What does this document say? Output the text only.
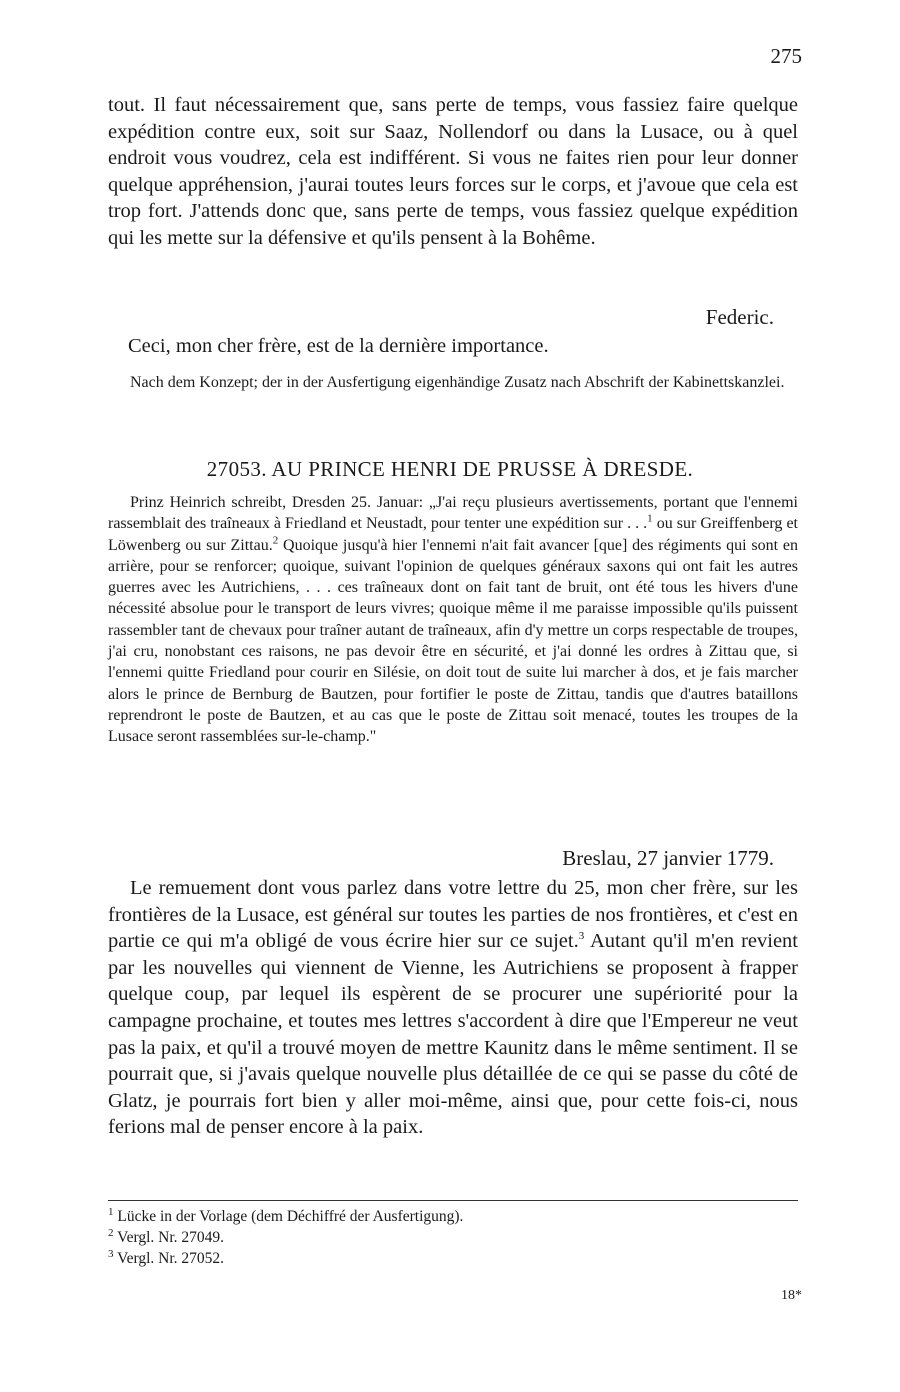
275

tout. Il faut nécessairement que, sans perte de temps, vous fassiez faire quelque expédition contre eux, soit sur Saaz, Nollendorf ou dans la Lusace, ou à quel endroit vous voudrez, cela est indifférent. Si vous ne faites rien pour leur donner quelque appréhension, j'aurai toutes leurs forces sur le corps, et j'avoue que cela est trop fort. J'attends donc que, sans perte de temps, vous fassiez quelque expédition qui les mette sur la défensive et qu'ils pensent à la Bohême.

Federic.

Ceci, mon cher frère, est de la dernière importance.

Nach dem Konzept; der in der Ausfertigung eigenhändige Zusatz nach Abschrift der Kabinettskanzlei.

27053. AU PRINCE HENRI DE PRUSSE À DRESDE.

Prinz Heinrich schreibt, Dresden 25. Januar: „J'ai reçu plusieurs avertissements, portant que l'ennemi rassemblait des traîneaux à Friedland et Neustadt, pour tenter une expédition sur . . .$^1$ ou sur Greiffenberg et Löwenberg ou sur Zittau.$^2$ Quoique jusqu'à hier l'ennemi n'ait fait avancer [que] des régiments qui sont en arrière, pour se renforcer; quoique, suivant l'opinion de quelques généraux saxons qui ont fait les autres guerres avec les Autrichiens, . . . ces traîneaux dont on fait tant de bruit, ont été tous les hivers d'une nécessité absolue pour le transport de leurs vivres; quoique même il me paraisse impossible qu'ils puissent rassembler tant de chevaux pour traîner autant de traîneaux, afin d'y mettre un corps respectable de troupes, j'ai cru, nonobstant ces raisons, ne pas devoir être en sécurité, et j'ai donné les ordres à Zittau que, si l'ennemi quitte Friedland pour courir en Silésie, on doit tout de suite lui marcher à dos, et je fais marcher alors le prince de Bernburg de Bautzen, pour fortifier le poste de Zittau, tandis que d'autres bataillons reprendront le poste de Bautzen, et au cas que le poste de Zittau soit menacé, toutes les troupes de la Lusace seront rassemblées sur-le-champ."

Breslau, 27 janvier 1779.

Le remuement dont vous parlez dans votre lettre du 25, mon cher frère, sur les frontières de la Lusace, est général sur toutes les parties de nos frontières, et c'est en partie ce qui m'a obligé de vous écrire hier sur ce sujet.$^3$ Autant qu'il m'en revient par les nouvelles qui viennent de Vienne, les Autrichiens se proposent à frapper quelque coup, par lequel ils espèrent de se procurer une supériorité pour la campagne prochaine, et toutes mes lettres s'accordent à dire que l'Empereur ne veut pas la paix, et qu'il a trouvé moyen de mettre Kaunitz dans le même sentiment. Il se pourrait que, si j'avais quelque nouvelle plus détaillée de ce qui se passe du côté de Glatz, je pourrais fort bien y aller moi-même, ainsi que, pour cette fois-ci, nous ferions mal de penser encore à la paix.

$^1$ Lücke in der Vorlage (dem Déchiffré der Ausfertigung).
$^2$ Vergl. Nr. 27049.
$^3$ Vergl. Nr. 27052.
18*
